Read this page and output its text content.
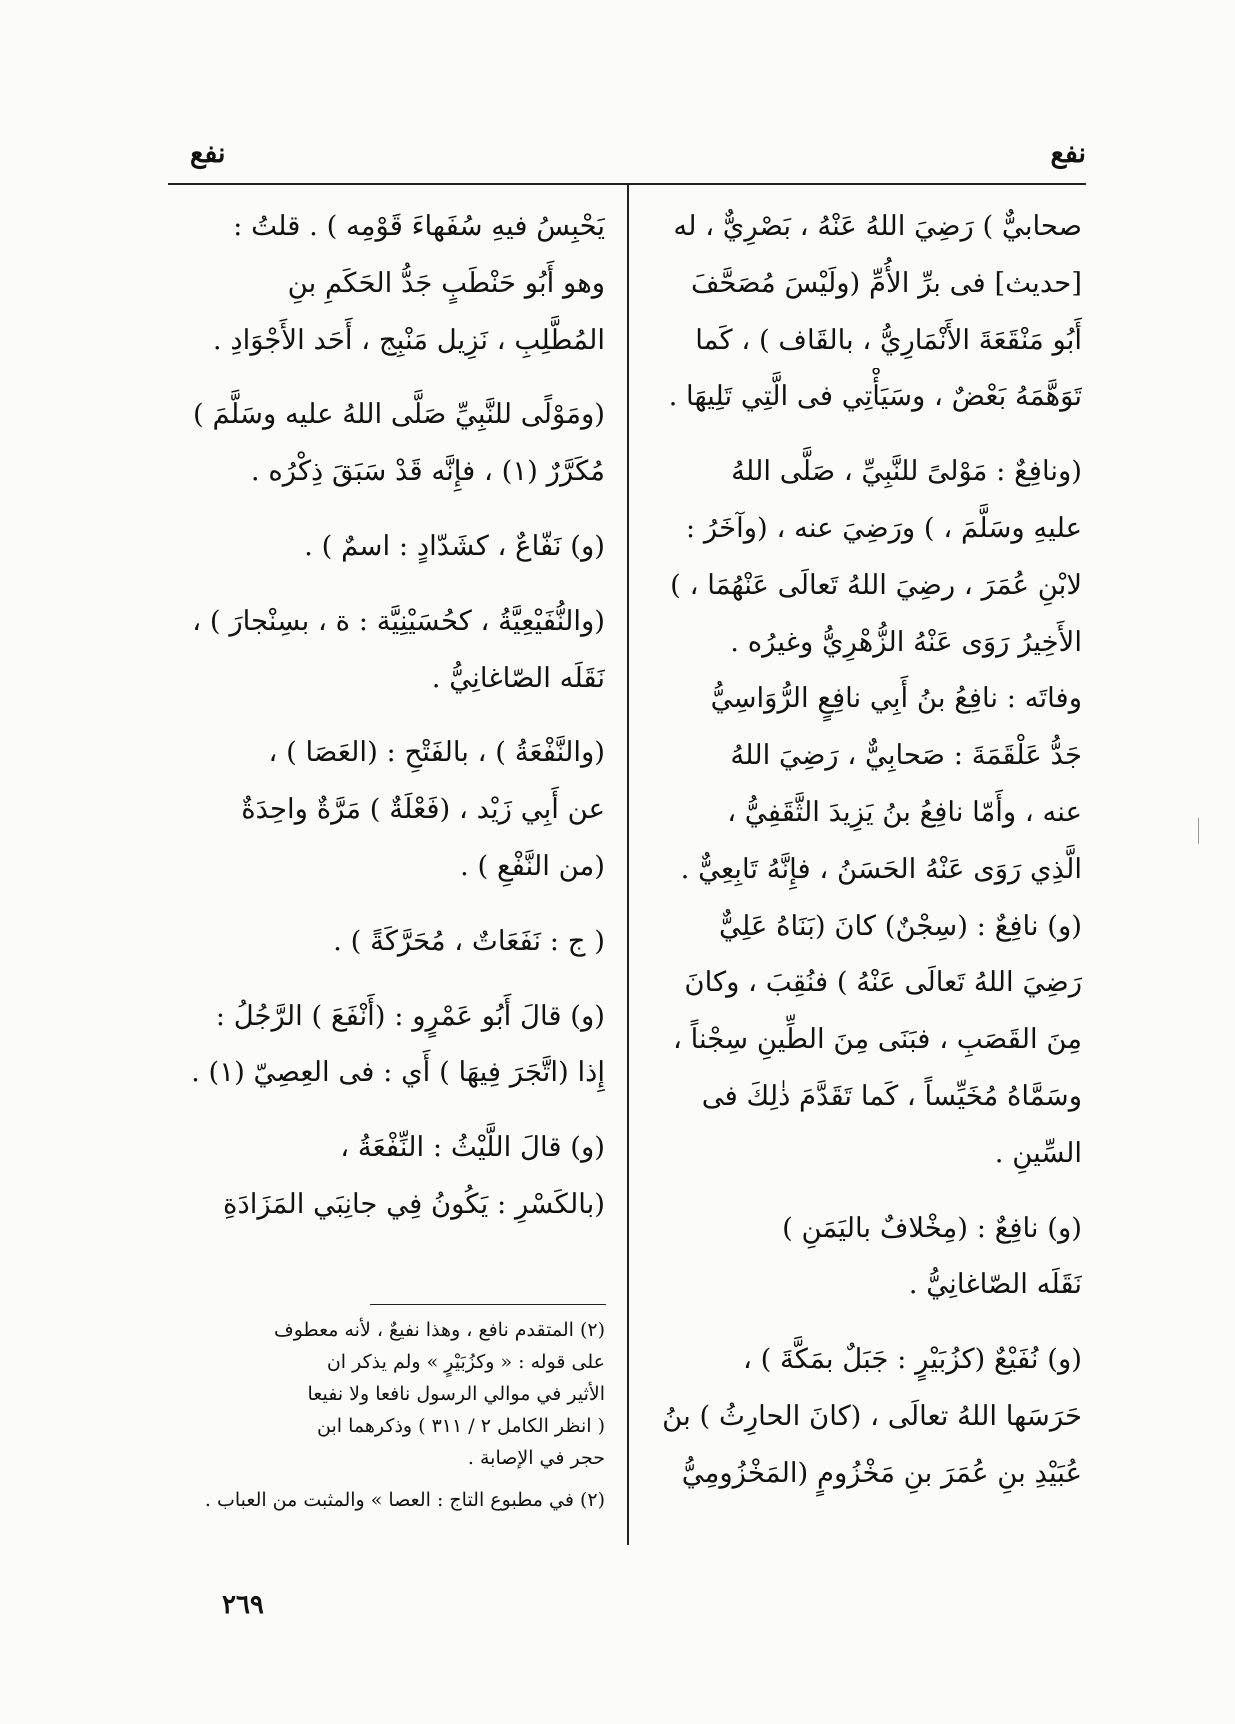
نفع
نفع
صحابيٌّ ) رَضِيَ اللهُ عَنْهُ ، بَصْرِيٌّ ، له
[حديث] فى برِّ الأُمِّ (ولَيْسَ مُصَحَّفَ
أَبُو مَنْقَعَةَ الأَنْمَارِيُّ ، بالقَاف ) ، كَما
تَوَهَّمَهُ بَعْضٌ ، وسَيَأْتِي فى الَّتِي تَلِيهَا .
(ونافِعٌ : مَوْلىً للنَّبِيِّ ، صَلَّى اللهُ
عليهِ وسَلَّمَ ، ) ورَضِيَ عنه ، (وآخَرُ :
لابْنِ عُمَرَ ، رضِيَ اللهُ تَعالَى عَنْهُمَا ، )
الأَخِيرُ رَوَى عَنْهُ الزُّهْرِيُّ وغيرُه .
وفاتَه : نافِعُ بنُ أَبِي نافِعٍ الرُّوَاسِيُّ
جَدُّ عَلْقَمَةَ : صَحابِيٌّ ، رَضِيَ اللهُ
عنه ، وأَمّا نافِعُ بنُ يَزِيدَ الثَّقَفِيُّ ،
الَّذِي رَوَى عَنْهُ الحَسَنُ ، فإِنَّهُ تَابِعِيٌّ .
(و) نافِعٌ : (سِجْنٌ) كانَ (بَنَاهُ عَلِيٌّ
رَضِيَ اللهُ تَعالَى عَنْهُ ) فنُقِبَ ، وكانَ
مِنَ القَصَبِ ، فبَنَى مِنَ الطِّينِ سِجْناً ،
وسَمَّاهُ مُخَيِّساً ، كَما تَقَدَّمَ ذٰلِكَ فى
السِّينِ .
(و) نافِعٌ : (مِخْلافٌ باليَمَنِ )
نَقَلَه الصّاغانِيُّ .
(و) نُفَيْعٌ (كزُبَيْرٍ : جَبَلٌ بمَكَّةَ ) ،
حَرَسَها اللهُ تعالَى ، (كانَ الحارِثُ ) بنُ
عُبَيْدِ بنِ عُمَرَ بنِ مَخْزُومٍ (المَخْزُومِيُّ
يَحْبِسُ فيهِ سُفَهاءَ قَوْمِه ) . قلتُ :
وهو أَبُو حَنْطَبٍ جَدُّ الحَكَمِ بنِ
المُطَّلِبِ ، نَزِيل مَنْبِج ، أَحَد الأَجْوَادِ .
(ومَوْلًى للنَّبِيِّ صَلَّى اللهُ عليه وسَلَّمَ )
مُكَرَّرٌ (١) ، فإِنَّه قَدْ سَبَقَ ذِكْرُه .
(و) نَفّاعٌ ، كشَدّادٍ : اسمٌ ) .
(والنُّفَيْعِيَّةُ ، كحُسَيْنِيَّة : ة ، بسِنْجارَ ) ،
نَقَلَه الصّاغانِيُّ .
(والنَّفْعَةُ ) ، بالفَتْحِ : (العَصَا ) ،
عن أَبِي زَيْد ، (فَعْلَةٌ ) مَرَّةٌ واحِدَةٌ
(من النَّفْعِ ) .
( ج : نَفَعَاتٌ ، مُحَرَّكَةً ) .
(و) قالَ أَبُو عَمْرٍو : (أَنْفَعَ ) الرَّجُلُ :
إِذا (اتَّجَرَ فِيهَا ) أَي : فى العِصِيّ (١) .
(و) قالَ اللَّيْثُ : النِّفْعَةُ ،
(بالكَسْرِ : يَكُونُ فِي جانِبَي المَزَادَةِ
(٢) المتقدم نافع ، وهذا نفيعٌ ، لأنه معطوف
على قوله : « وكزُبَيْرٍ » ولم يذكر ان
الأثير في موالي الرسول نافعا ولا نفيعا
( انظر الكامل ٢ / ٣١١ ) وذكرهما ابن
حجر في الإصابة .
(٢) في مطبوع التاج : العصا » والمثبت من العباب .
٢٦٩
